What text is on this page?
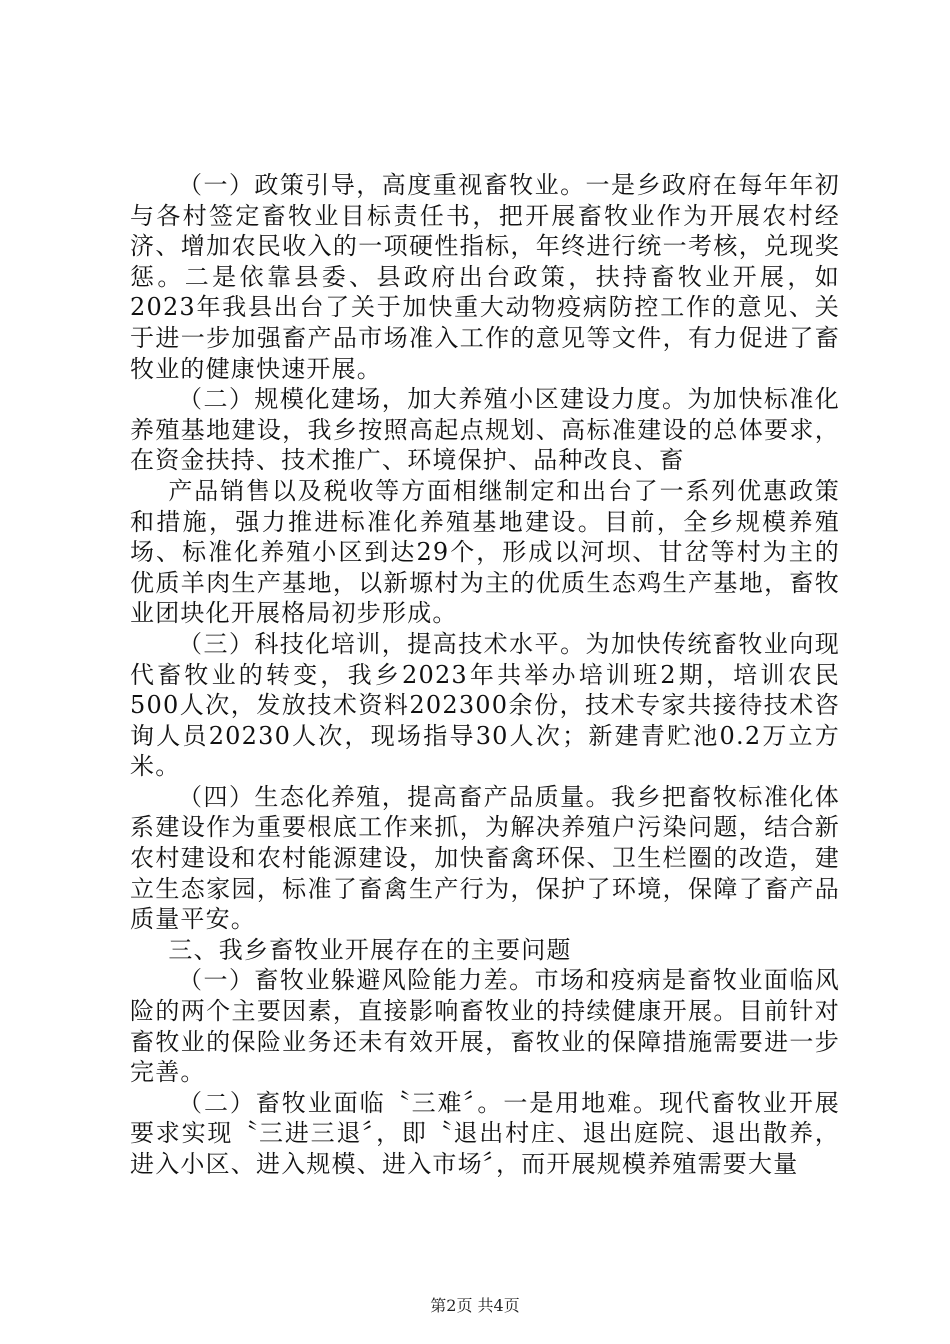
（一）政策引导，高度重视畜牧业。一是乡政府在每年年初与各村签定畜牧业目标责任书，把开展畜牧业作为开展农村经济、增加农民收入的一项硬性指标，年终进行统一考核，兑现奖惩。二是依靠县委、县政府出台政策，扶持畜牧业开展，如2023年我县出台了关于加快重大动物疫病防控工作的意见、关于进一步加强畜产品市场准入工作的意见等文件，有力促进了畜牧业的健康快速开展。

（二）规模化建场，加大养殖小区建设力度。为加快标准化养殖基地建设，我乡按照高起点规划、高标准建设的总体要求，在资金扶持、技术推广、环境保护、品种改良、畜

产品销售以及税收等方面相继制定和出台了一系列优惠政策和措施，强力推进标准化养殖基地建设。目前，全乡规模养殖场、标准化养殖小区到达29个，形成以河坝、甘岔等村为主的优质羊肉生产基地，以新塬村为主的优质生态鸡生产基地，畜牧业团块化开展格局初步形成。

（三）科技化培训，提高技术水平。为加快传统畜牧业向现代畜牧业的转变，我乡2023年共举办培训班2期，培训农民500人次，发放技术资料202300余份，技术专家共接待技术咨询人员20230人次，现场指导30人次；新建青贮池0.2万立方米。

（四）生态化养殖，提高畜产品质量。我乡把畜牧标准化体系建设作为重要根底工作来抓，为解决养殖户污染问题，结合新农村建设和农村能源建设，加快畜禽环保、卫生栏圈的改造，建立生态家园，标准了畜禽生产行为，保护了环境，保障了畜产品质量平安。

三、我乡畜牧业开展存在的主要问题

（一）畜牧业躲避风险能力差。市场和疫病是畜牧业面临风险的两个主要因素，直接影响畜牧业的持续健康开展。目前针对畜牧业的保险业务还未有效开展，畜牧业的保障措施需要进一步完善。

（二）畜牧业面临〝三难〞。一是用地难。现代畜牧业开展要求实现〝三进三退〞，即〝退出村庄、退出庭院、退出散养，进入小区、进入规模、进入市场〞，而开展规模养殖需要大量

第2页 共4页
